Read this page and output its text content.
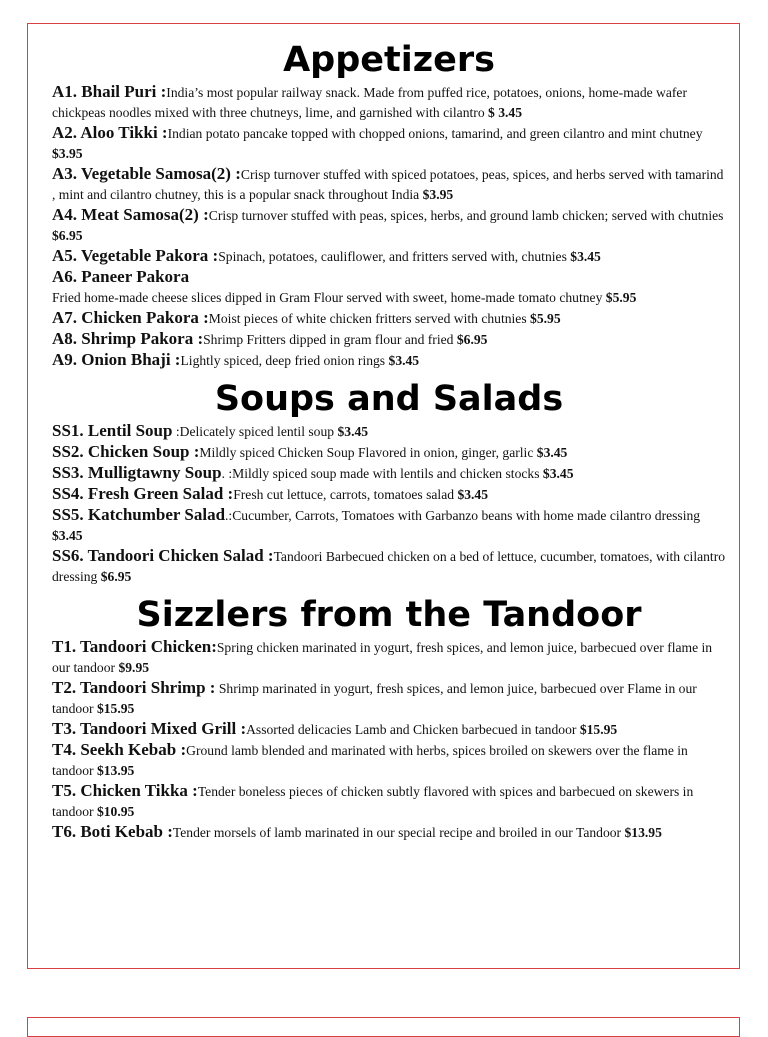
Appetizers

A1. Bhail Puri :India’s most popular railway snack. Made from puffed rice, potatoes, onions, home-made wafer chickpeas noodles mixed with three chutneys, lime, and garnished with cilantro $ 3.45

A2. Aloo Tikki :Indian potato pancake topped with chopped onions, tamarind, and green cilantro and mint chutney $3.95

A3. Vegetable Samosa(2) :Crisp turnover stuffed with spiced potatoes, peas, spices, and herbs served with tamarind , mint and cilantro chutney, this is a popular snack throughout India $3.95

A4. Meat Samosa(2) :Crisp turnover stuffed with peas, spices, herbs, and ground lamb chicken; served with chutnies $6.95

A5. Vegetable Pakora :Spinach, potatoes, cauliflower, and fritters served with, chutnies $3.45

A6. Paneer Pakora
Fried home-made cheese slices dipped in Gram Flour served with sweet, home-made tomato chutney $5.95

A7. Chicken Pakora :Moist pieces of white chicken fritters served with chutnies $5.95

A8. Shrimp Pakora :Shrimp Fritters dipped in gram flour and fried $6.95

A9. Onion Bhaji :Lightly spiced, deep fried onion rings $3.45

Soups and Salads

SS1. Lentil Soup :Delicately spiced lentil soup $3.45

SS2. Chicken Soup :Mildly spiced Chicken Soup Flavored in onion, ginger, garlic $3.45

SS3. Mulligtawny Soup. :Mildly spiced soup made with lentils and chicken stocks $3.45

SS4. Fresh Green Salad :Fresh cut lettuce, carrots, tomatoes salad $3.45

SS5. Katchumber Salad.:Cucumber, Carrots, Tomatoes with Garbanzo beans with home made cilantro dressing $3.45

SS6. Tandoori Chicken Salad :Tandoori Barbecued chicken on a bed of lettuce, cucumber, tomatoes, with cilantro dressing $6.95

Sizzlers from the Tandoor

T1. Tandoori Chicken:Spring chicken marinated in yogurt, fresh spices, and lemon juice, barbecued over flame in our tandoor $9.95

T2. Tandoori Shrimp : Shrimp marinated in yogurt, fresh spices, and lemon juice, barbecued over Flame in our tandoor $15.95

T3. Tandoori Mixed Grill :Assorted delicacies Lamb and Chicken barbecued in tandoor $15.95

T4. Seekh Kebab :Ground lamb blended and marinated with herbs, spices broiled on skewers over the flame in tandoor $13.95

T5. Chicken Tikka :Tender boneless pieces of chicken subtly flavored with spices and barbecued on skewers in tandoor $10.95

T6. Boti Kebab :Tender morsels of lamb marinated in our special recipe and broiled in our Tandoor $13.95
